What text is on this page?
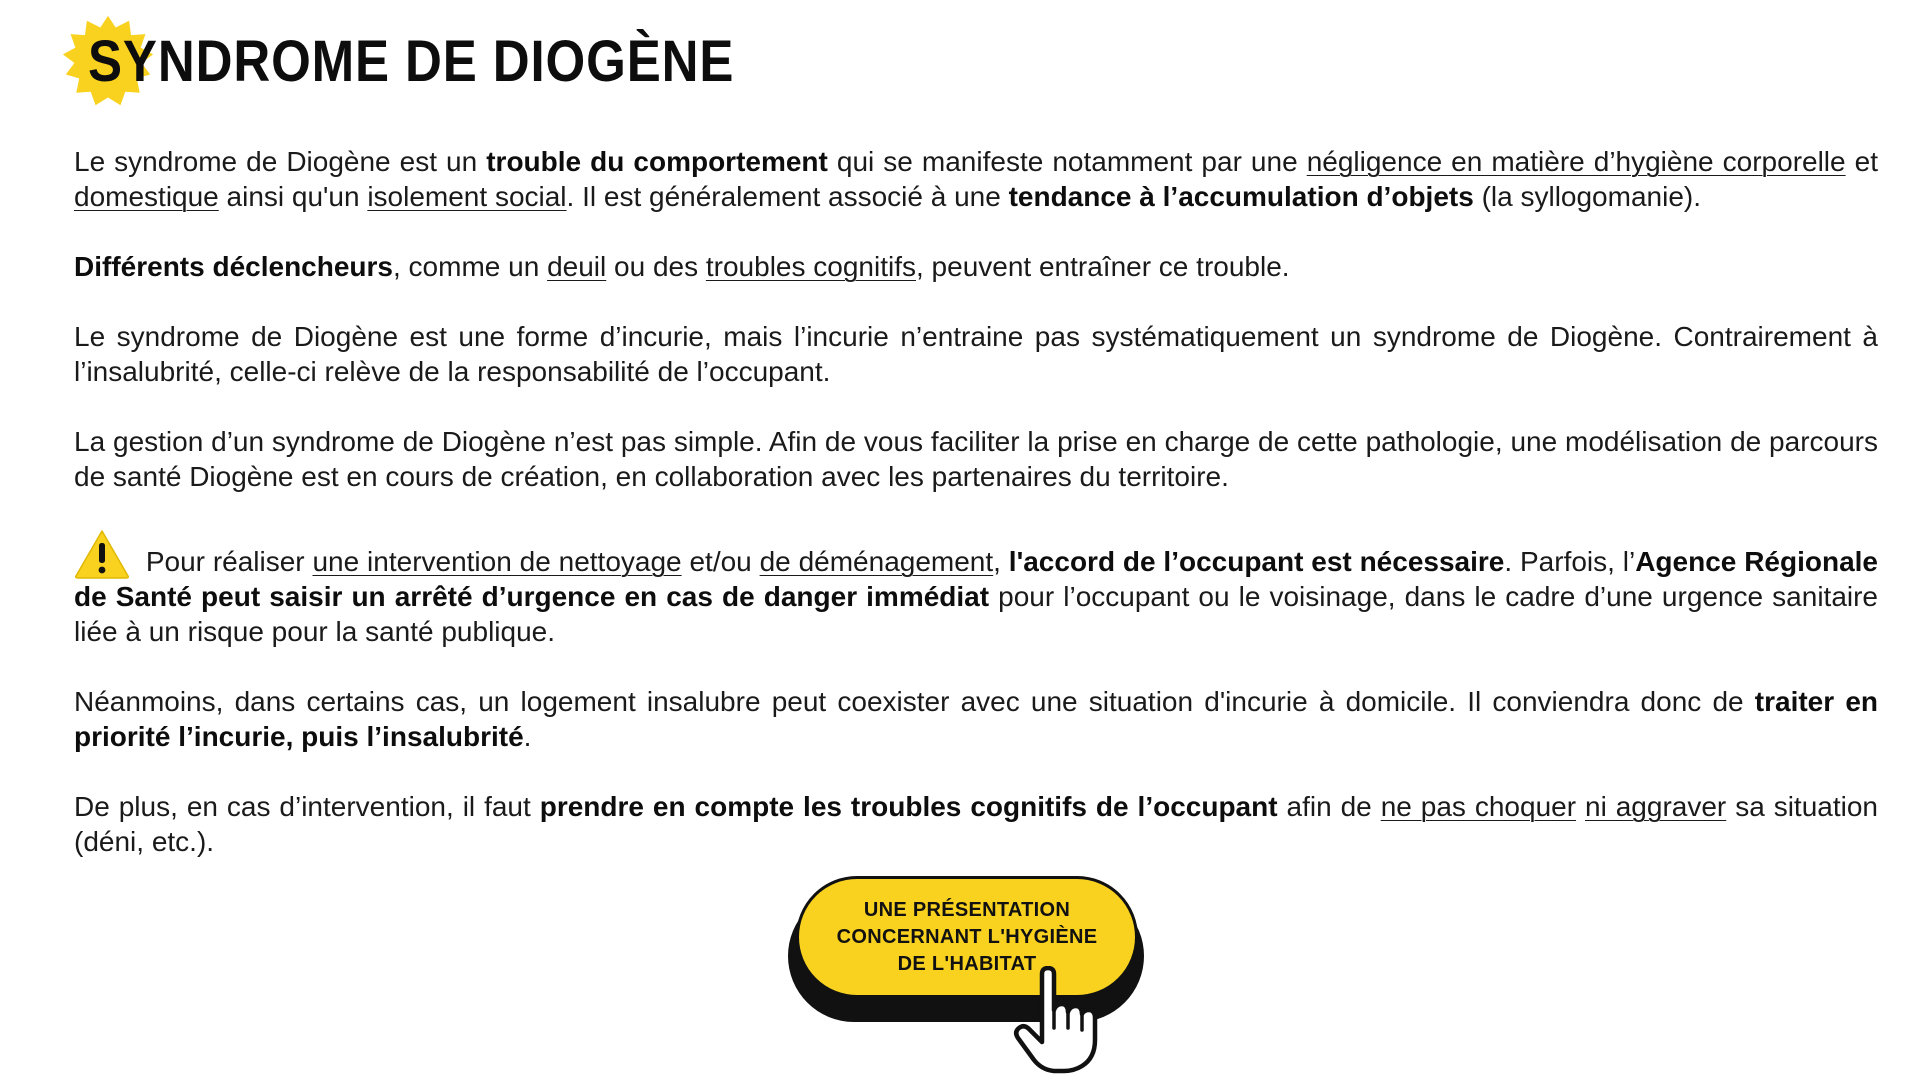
SYNDROME DE DIOGÈNE

Le syndrome de Diogène est un trouble du comportement qui se manifeste notamment par une négligence en matière d’hygiène corporelle et domestique ainsi qu'un isolement social. Il est généralement associé à une tendance à l’accumulation d’objets (la syllogomanie).

Différents déclencheurs, comme un deuil ou des troubles cognitifs, peuvent entraîner ce trouble.

Le syndrome de Diogène est une forme d’incurie, mais l’incurie n’entraine pas systématiquement un syndrome de Diogène. Contrairement à l’insalubrité, celle-ci relève de la responsabilité de l’occupant.

La gestion d’un syndrome de Diogène n’est pas simple. Afin de vous faciliter la prise en charge de cette pathologie, une modélisation de parcours de santé Diogène est en cours de création, en collaboration avec les partenaires du territoire.

Pour réaliser une intervention de nettoyage et/ou de déménagement, l'accord de l’occupant est nécessaire. Parfois, l’Agence Régionale de Santé peut saisir un arrêté d’urgence en cas de danger immédiat pour l’occupant ou le voisinage, dans le cadre d’une urgence sanitaire liée à un risque pour la santé publique.

Néanmoins, dans certains cas, un logement insalubre peut coexister avec une situation d'incurie à domicile. Il conviendra donc de traiter en priorité l’incurie, puis l’insalubrité.

De plus, en cas d’intervention, il faut prendre en compte les troubles cognitifs de l’occupant afin de ne pas choquer ni aggraver sa situation (déni, etc.).

UNE PRÉSENTATION CONCERNANT L'HYGIÈNE DE L'HABITAT
